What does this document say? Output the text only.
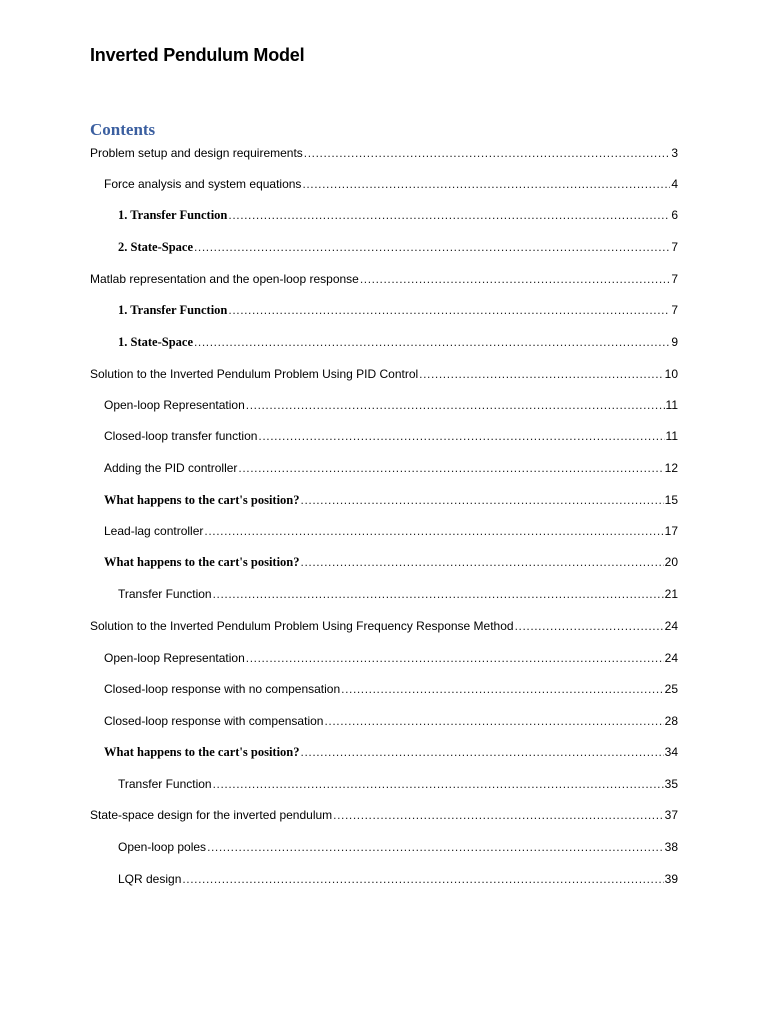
Inverted Pendulum Model
Contents
Problem setup and design requirements .....	3
Force analysis and system equations .....	4
1. Transfer Function .....	6
2. State-Space .....	7
Matlab representation and the open-loop response .....	7
1. Transfer Function .....	7
1. State-Space .....	9
Solution to the Inverted Pendulum Problem Using PID Control .....	10
Open-loop Representation .....	11
Closed-loop transfer function .....	11
Adding the PID controller .....	12
What happens to the cart's position? .....	15
Lead-lag controller .....	17
What happens to the cart's position? .....	20
Transfer Function .....	21
Solution to the Inverted Pendulum Problem Using Frequency Response Method .....	24
Open-loop Representation .....	24
Closed-loop response with no compensation .....	25
Closed-loop response with compensation .....	28
What happens to the cart's position? .....	34
Transfer Function .....	35
State-space design for the inverted pendulum .....	37
Open-loop poles .....	38
LQR design .....	39
